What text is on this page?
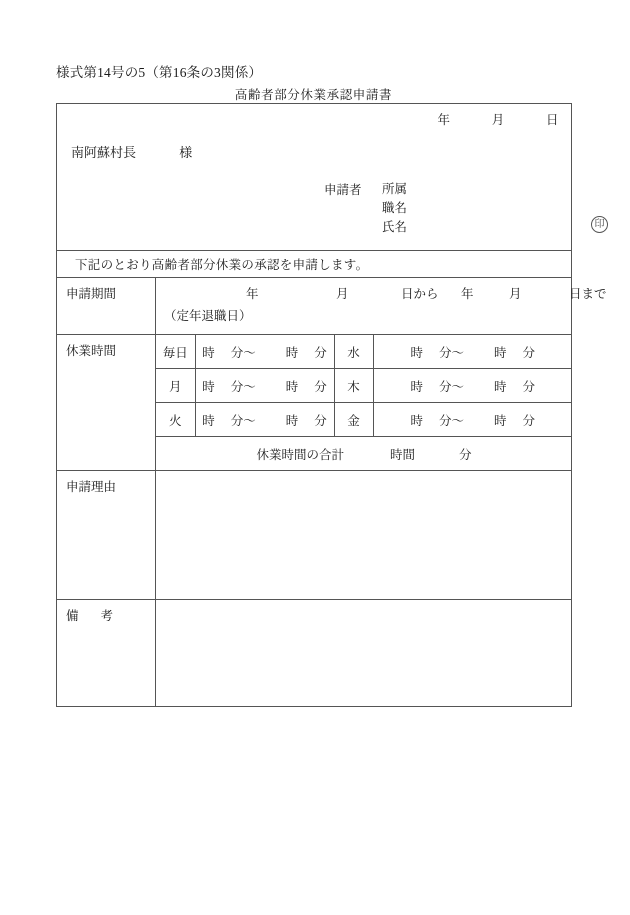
様式第14号の5（第16条の3関係）
高齢者部分休業承認申請書
年	月	日
南阿蘇村長	様
申請者 所属
職名
氏名	印

下記のとおり高齢者部分休業の承認を申請します。

申請期間	年	月	日から 年	月	日まで
（定年退職日）

休業時間
		毎日	時 分～ 時 分	水	時 分～ 時 分
月	時 分～ 時 分	木	時 分～ 時 分
火	時 分～ 時 分	金	時 分～ 時 分
休業時間の合計	時間	分

申請理由

備 考
